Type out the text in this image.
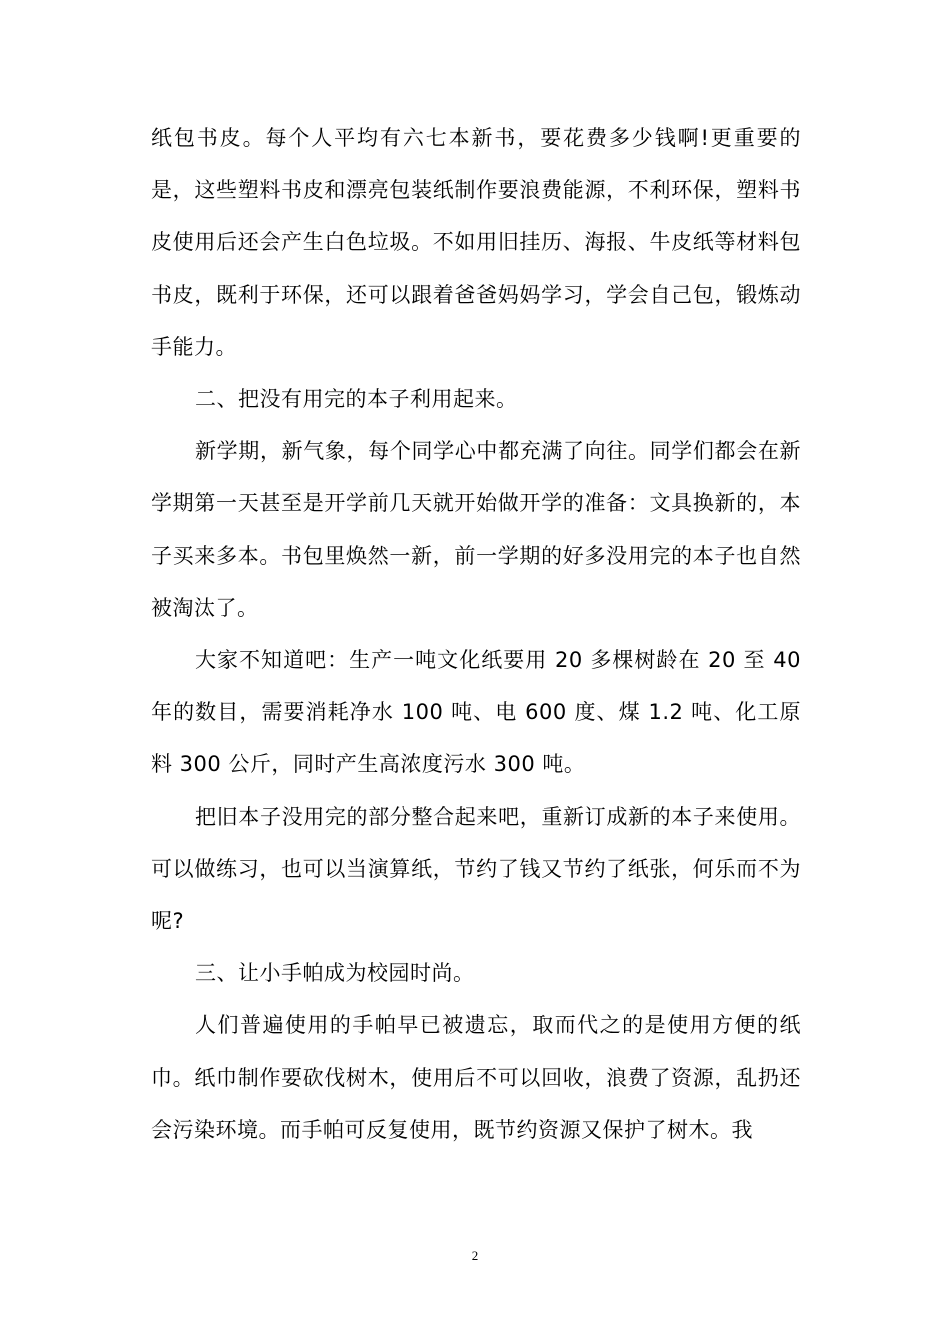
纸包书皮。每个人平均有六七本新书，要花费多少钱啊!更重要的是，这些塑料书皮和漂亮包装纸制作要浪费能源，不利环保，塑料书皮使用后还会产生白色垃圾。不如用旧挂历、海报、牛皮纸等材料包书皮，既利于环保，还可以跟着爸爸妈妈学习，学会自己包，锻炼动手能力。

二、把没有用完的本子利用起来。

新学期，新气象，每个同学心中都充满了向往。同学们都会在新学期第一天甚至是开学前几天就开始做开学的准备：文具换新的，本子买来多本。书包里焕然一新，前一学期的好多没用完的本子也自然被淘汰了。

大家不知道吧：生产一吨文化纸要用 20 多棵树龄在 20 至 40 年的数目，需要消耗净水 100 吨、电 600 度、煤 1.2 吨、化工原料 300 公斤，同时产生高浓度污水 300 吨。

把旧本子没用完的部分整合起来吧，重新订成新的本子来使用。可以做练习，也可以当演算纸，节约了钱又节约了纸张，何乐而不为呢?

三、让小手帕成为校园时尚。

人们普遍使用的手帕早已被遗忘，取而代之的是使用方便的纸巾。纸巾制作要砍伐树木，使用后不可以回收，浪费了资源，乱扔还会污染环境。而手帕可反复使用，既节约资源又保护了树木。我

2
